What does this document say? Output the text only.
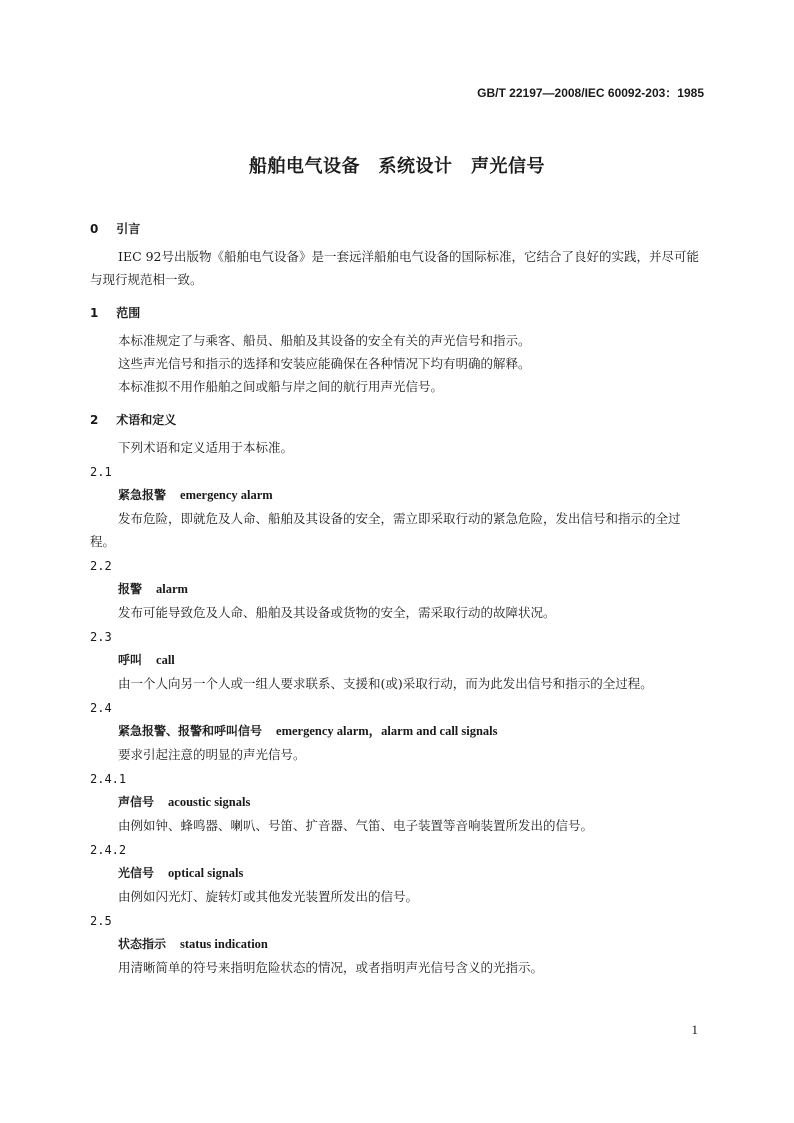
GB/T 22197—2008/IEC 60092-203：1985
船舶电气设备　系统设计　声光信号
0 引言

IEC 92号出版物《船舶电气设备》是一套远洋船舶电气设备的国际标准，它结合了良好的实践，并尽可能与现行规范相一致。

1 范围

本标准规定了与乘客、船员、船舶及其设备的安全有关的声光信号和指示。

这些声光信号和指示的选择和安装应能确保在各种情况下均有明确的解释。

本标准拟不用作船舶之间或船与岸之间的航行用声光信号。

2 术语和定义

下列术语和定义适用于本标准。

2.1
紧急报警 emergency alarm

发布危险，即就危及人命、船舶及其设备的安全，需立即采取行动的紧急危险，发出信号和指示的全过程。

2.2
报警 alarm

发布可能导致危及人命、船舶及其设备或货物的安全，需采取行动的故障状况。

2.3
呼叫 call

由一个人向另一个人或一组人要求联系、支援和(或)采取行动，而为此发出信号和指示的全过程。

2.4
紧急报警、报警和呼叫信号 emergency alarm，alarm and call signals

要求引起注意的明显的声光信号。

2.4.1
声信号 acoustic signals

由例如钟、蜂鸣器、喇叭、号笛、扩音器、气笛、电子装置等音响装置所发出的信号。

2.4.2
光信号 optical signals

由例如闪光灯、旋转灯或其他发光装置所发出的信号。

2.5
状态指示 status indication

用清晰简单的符号来指明危险状态的情况，或者指明声光信号含义的光指示。

1
